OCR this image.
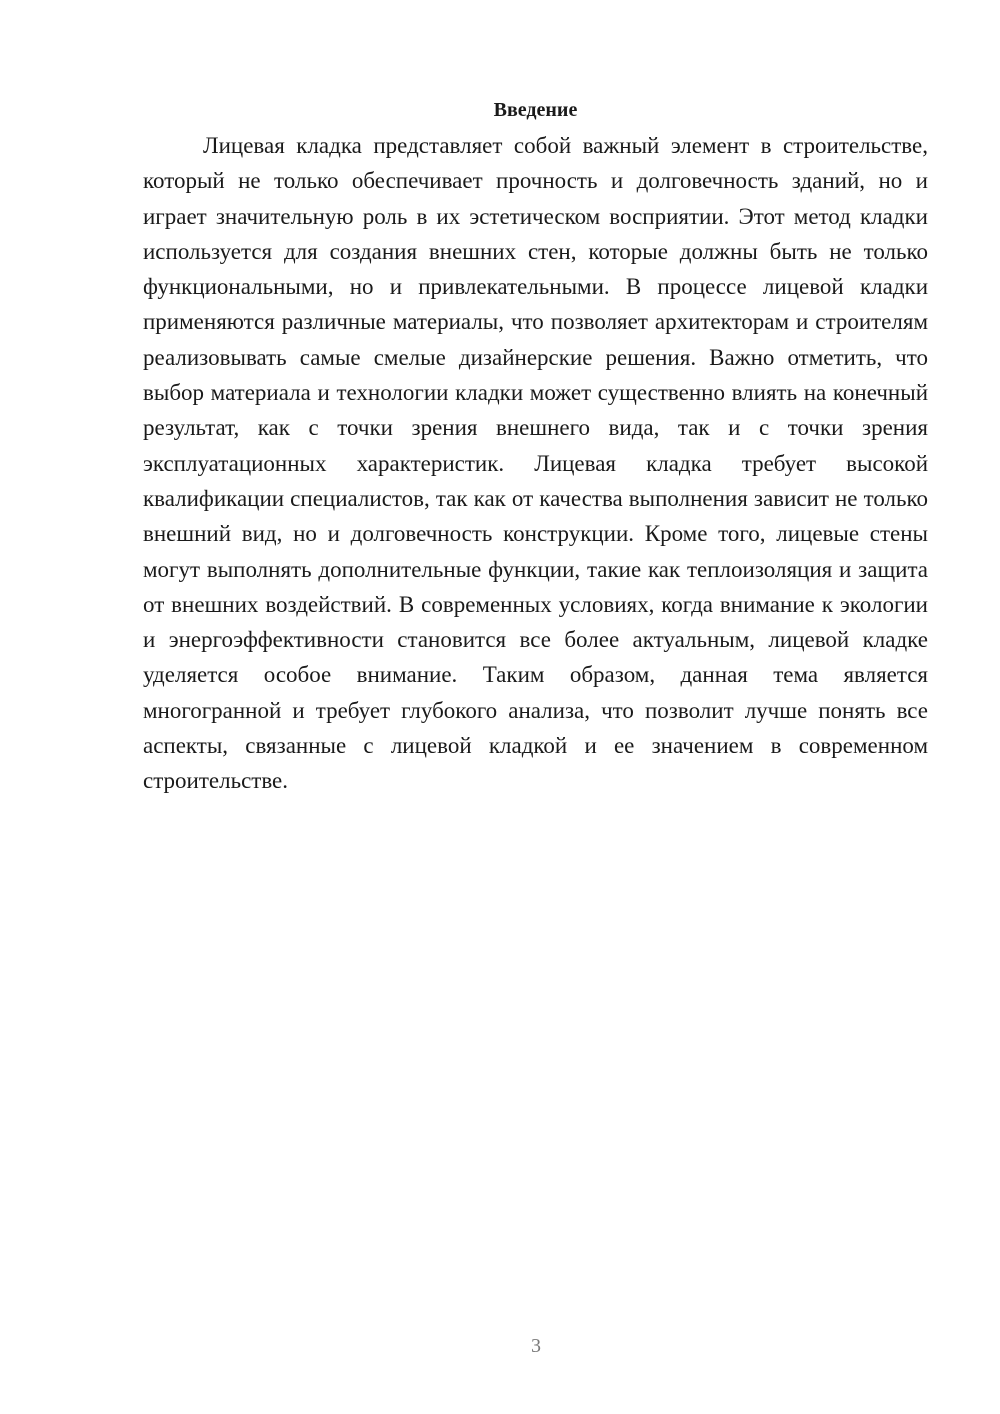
Введение

Лицевая кладка представляет собой важный элемент в строительстве, который не только обеспечивает прочность и долговечность зданий, но и играет значительную роль в их эстетическом восприятии. Этот метод кладки используется для создания внешних стен, которые должны быть не только функциональными, но и привлекательными. В процессе лицевой кладки применяются различные материалы, что позволяет архитекторам и строителям реализовывать самые смелые дизайнерские решения. Важно отметить, что выбор материала и технологии кладки может существенно влиять на конечный результат, как с точки зрения внешнего вида, так и с точки зрения эксплуатационных характеристик. Лицевая кладка требует высокой квалификации специалистов, так как от качества выполнения зависит не только внешний вид, но и долговечность конструкции. Кроме того, лицевые стены могут выполнять дополнительные функции, такие как теплоизоляция и защита от внешних воздействий. В современных условиях, когда внимание к экологии и энергоэффективности становится все более актуальным, лицевой кладке уделяется особое внимание. Таким образом, данная тема является многогранной и требует глубокого анализа, что позволит лучше понять все аспекты, связанные с лицевой кладкой и ее значением в современном строительстве.

3
